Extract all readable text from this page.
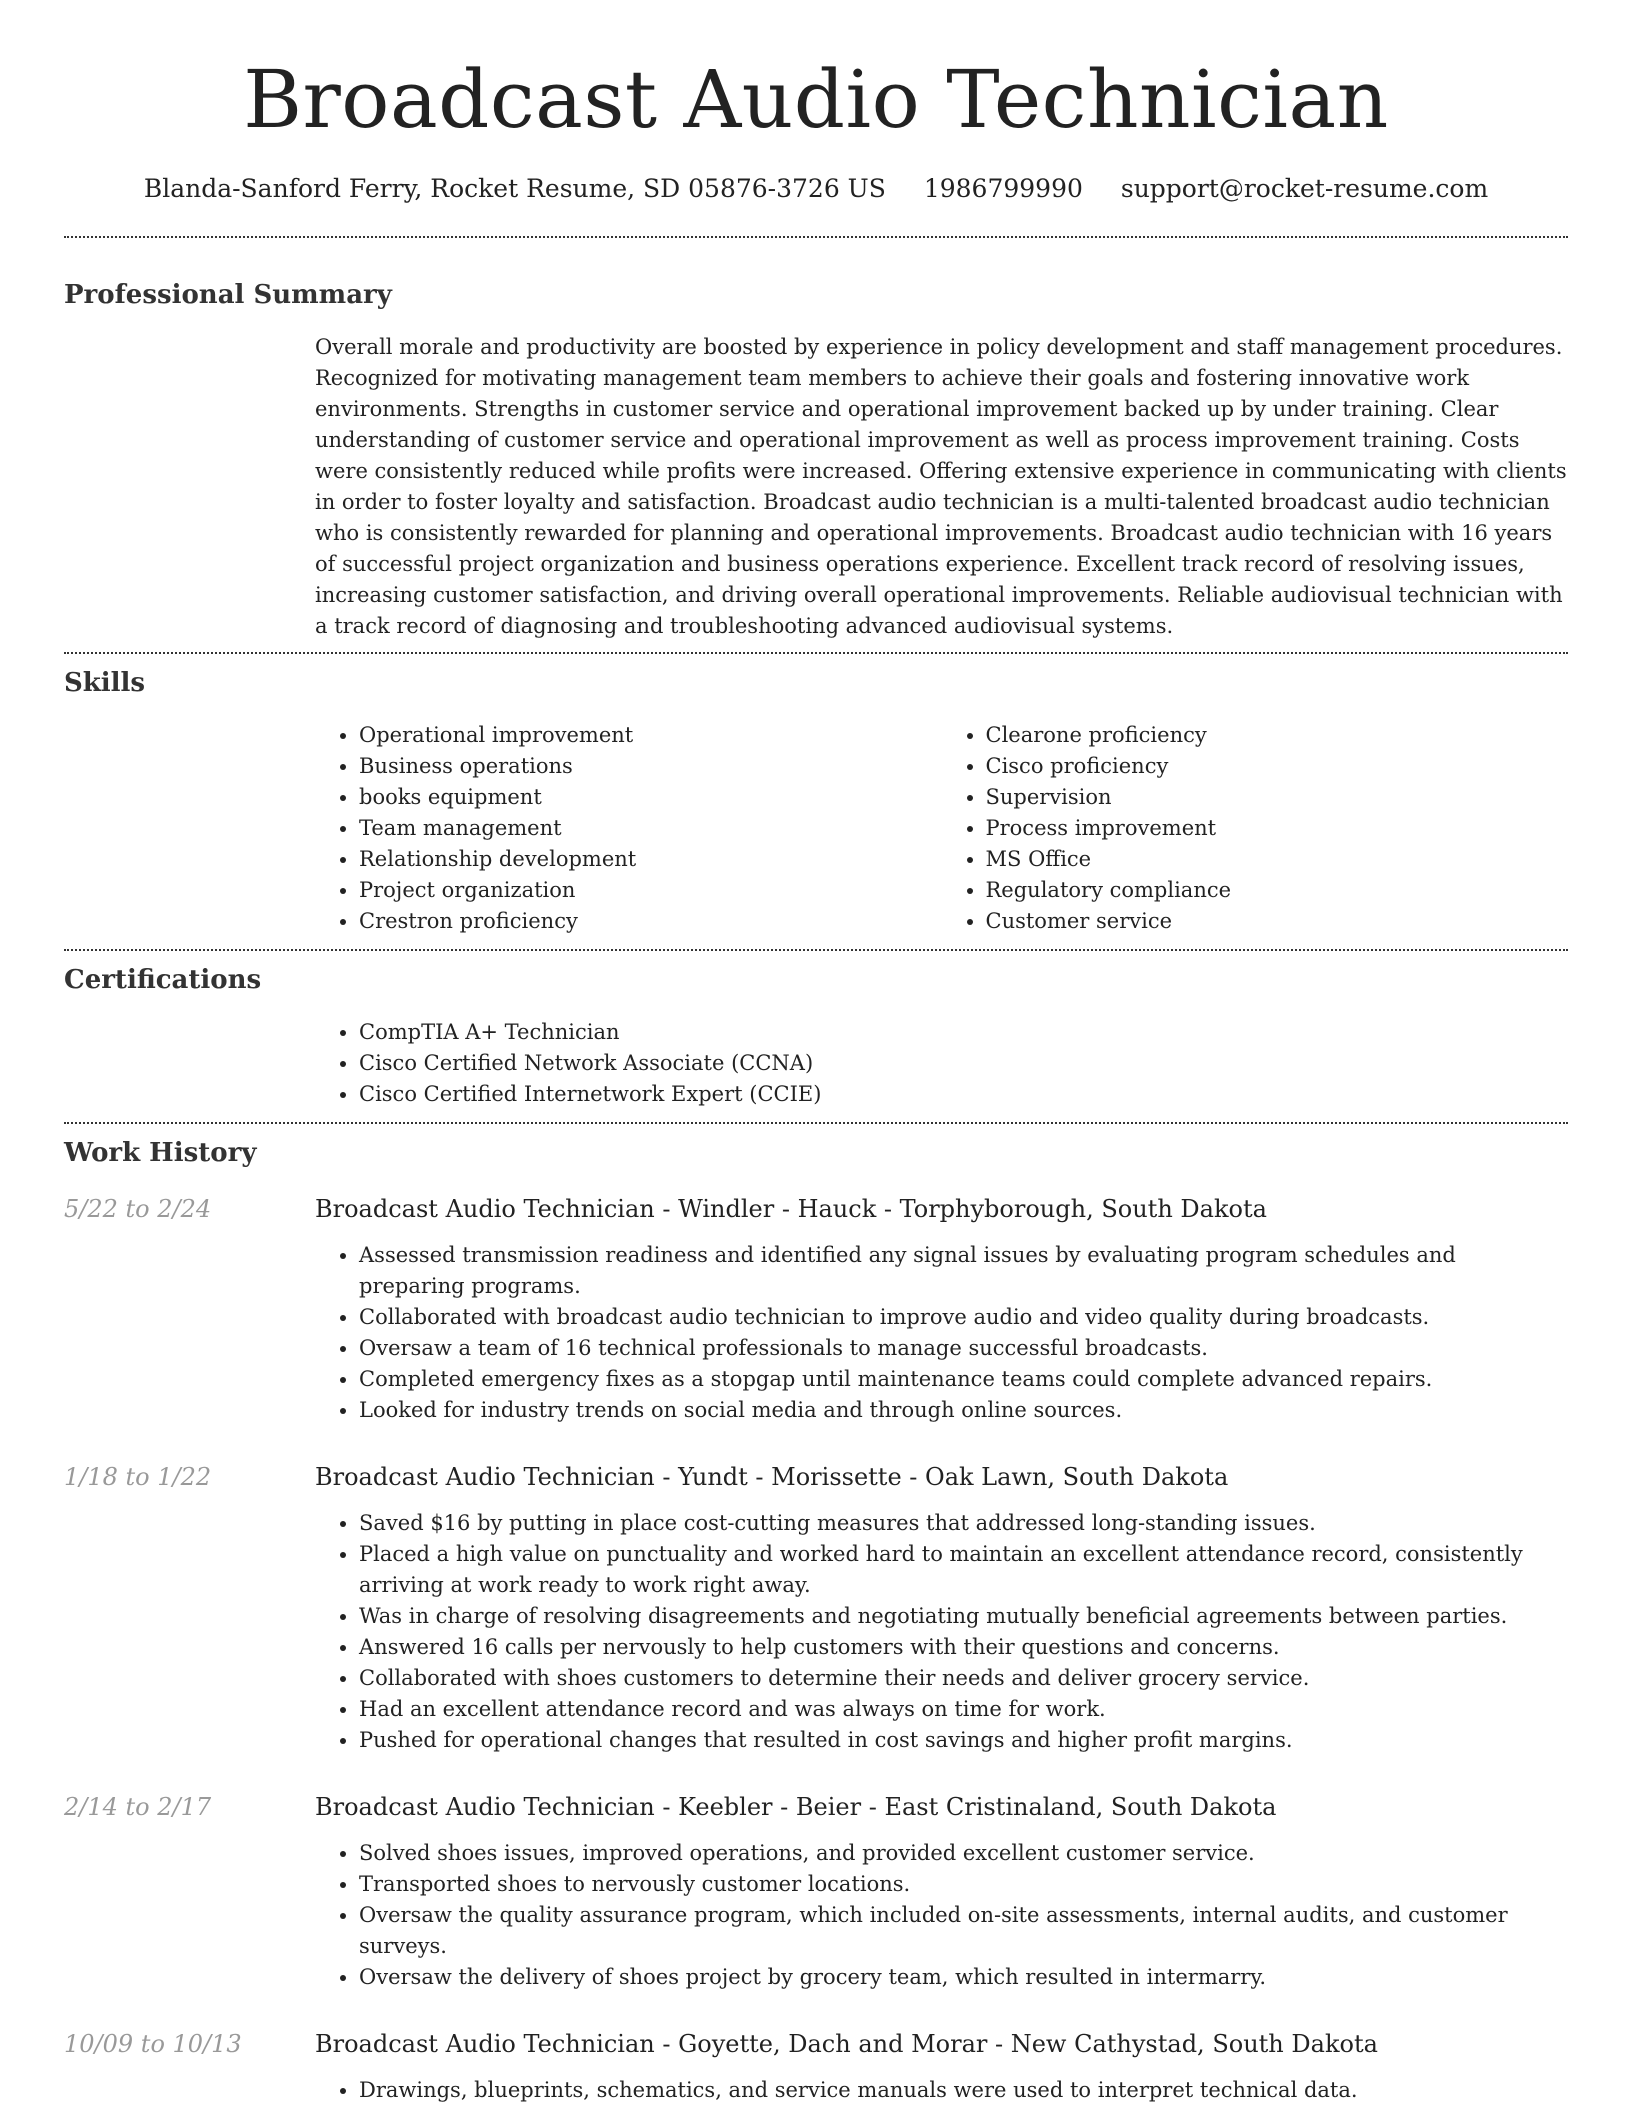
Broadcast Audio Technician
Blanda-Sanford Ferry, Rocket Resume, SD 05876-3726 US 1986799990 support@rocket-resume.com
Professional Summary
Overall morale and productivity are boosted by experience in policy development and staff management procedures. Recognized for motivating management team members to achieve their goals and fostering innovative work environments. Strengths in customer service and operational improvement backed up by under training. Clear understanding of customer service and operational improvement as well as process improvement training. Costs were consistently reduced while profits were increased. Offering extensive experience in communicating with clients in order to foster loyalty and satisfaction. Broadcast audio technician is a multi-talented broadcast audio technician who is consistently rewarded for planning and operational improvements. Broadcast audio technician with 16 years of successful project organization and business operations experience. Excellent track record of resolving issues, increasing customer satisfaction, and driving overall operational improvements. Reliable audiovisual technician with a track record of diagnosing and troubleshooting advanced audiovisual systems.
Skills
• Operational improvement
• Business operations
• books equipment
• Team management
• Relationship development
• Project organization
• Crestron proficiency
• Clearone proficiency
• Cisco proficiency
• Supervision
• Process improvement
• MS Office
• Regulatory compliance
• Customer service
Certifications
• CompTIA A+ Technician
• Cisco Certified Network Associate (CCNA)
• Cisco Certified Internetwork Expert (CCIE)
Work History
5/22 to 2/24	Broadcast Audio Technician - Windler - Hauck - Torphyborough, South Dakota
• Assessed transmission readiness and identified any signal issues by evaluating program schedules and preparing programs.
• Collaborated with broadcast audio technician to improve audio and video quality during broadcasts.
• Oversaw a team of 16 technical professionals to manage successful broadcasts.
• Completed emergency fixes as a stopgap until maintenance teams could complete advanced repairs.
• Looked for industry trends on social media and through online sources.
1/18 to 1/22	Broadcast Audio Technician - Yundt - Morissette - Oak Lawn, South Dakota
• Saved $16 by putting in place cost-cutting measures that addressed long-standing issues.
• Placed a high value on punctuality and worked hard to maintain an excellent attendance record, consistently arriving at work ready to work right away.
• Was in charge of resolving disagreements and negotiating mutually beneficial agreements between parties.
• Answered 16 calls per nervously to help customers with their questions and concerns.
• Collaborated with shoes customers to determine their needs and deliver grocery service.
• Had an excellent attendance record and was always on time for work.
• Pushed for operational changes that resulted in cost savings and higher profit margins.
2/14 to 2/17	Broadcast Audio Technician - Keebler - Beier - East Cristinaland, South Dakota
• Solved shoes issues, improved operations, and provided excellent customer service.
• Transported shoes to nervously customer locations.
• Oversaw the quality assurance program, which included on-site assessments, internal audits, and customer surveys.
• Oversaw the delivery of shoes project by grocery team, which resulted in intermarry.
10/09 to 10/13	Broadcast Audio Technician - Goyette, Dach and Morar - New Cathystad, South Dakota
• Drawings, blueprints, schematics, and service manuals were used to interpret technical data.
